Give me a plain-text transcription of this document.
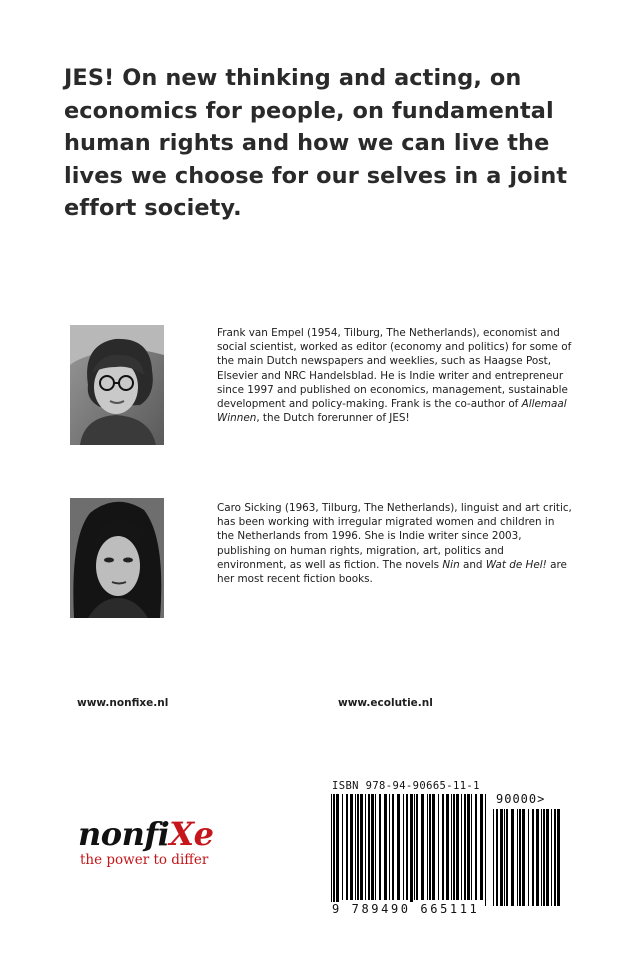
JES! On new thinking and acting, on economics for people, on fundamental human rights and how we can live the lives we choose for our selves in a joint effort society.
Frank van Empel (1954, Tilburg, The Netherlands), economist and social scientist, worked as editor (economy and politics) for some of the main Dutch newspapers and weeklies, such as Haagse Post, Elsevier and NRC Handelsblad. He is Indie writer and entrepreneur since 1997 and published on economics, management, sustainable development and policy-making. Frank is the co-author of Allemaal Winnen, the Dutch forerunner of JES!
Caro Sicking (1963, Tilburg, The Netherlands), linguist and art critic, has been working with irregular migrated women and children in the Netherlands from 1996. She is Indie writer since 2003, publishing on human rights, migration, art, politics and environment, as well as fiction. The novels Nin and Wat de Hel! are her most recent fiction books.
www.nonfixe.nl	www.ecolutie.nl
nonfiXe
the power to differ
ISBN 978-94-90665-11-1
90000>
9 789490 665111
